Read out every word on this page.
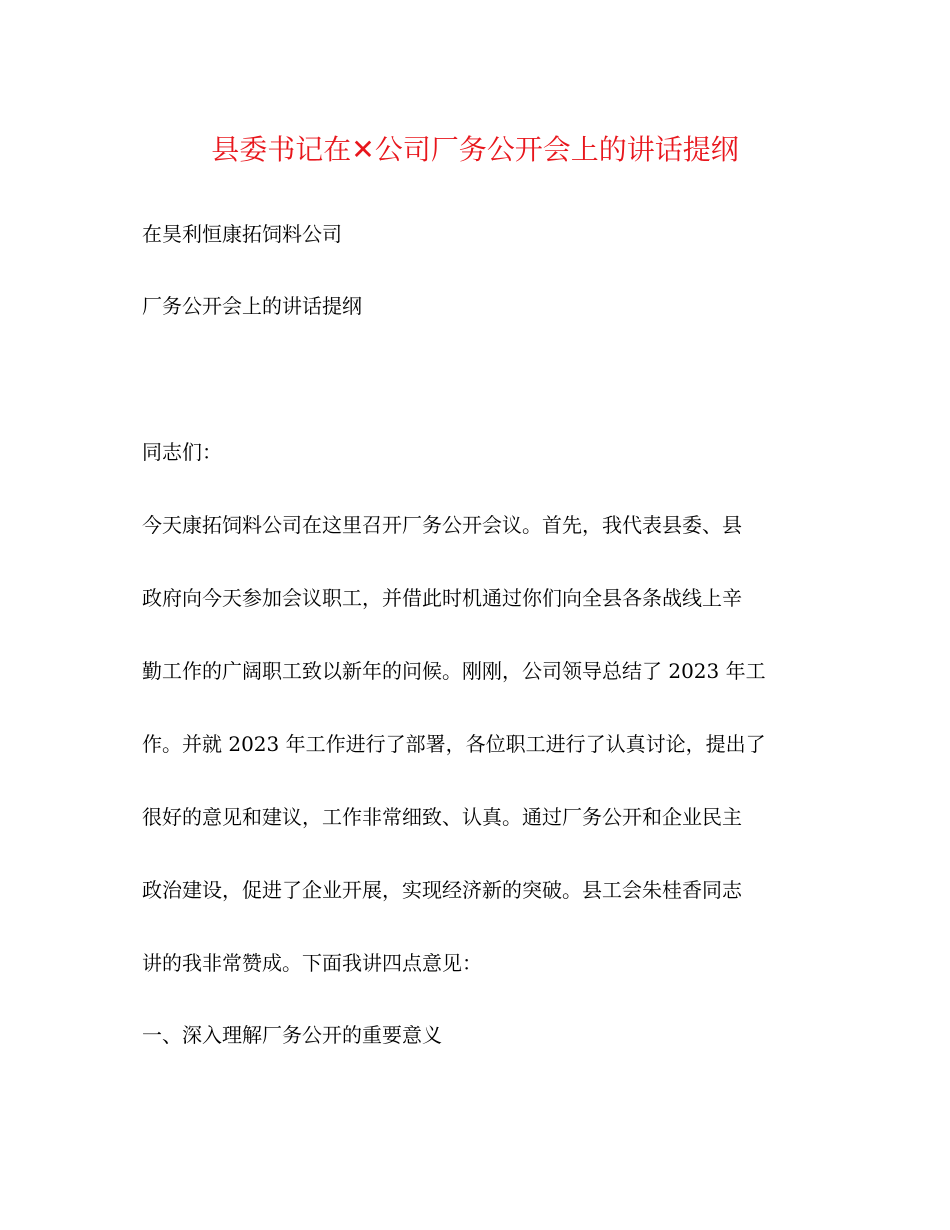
县委书记在✕公司厂务公开会上的讲话提纲
在昊利恒康拓饲料公司
厂务公开会上的讲话提纲
同志们：
今天康拓饲料公司在这里召开厂务公开会议。首先，我代表县委、县
政府向今天参加会议职工，并借此时机通过你们向全县各条战线上辛
勤工作的广阔职工致以新年的问候。刚刚，公司领导总结了 2023 年工
作。并就 2023 年工作进行了部署，各位职工进行了认真讨论，提出了
很好的意见和建议，工作非常细致、认真。通过厂务公开和企业民主
政治建设，促进了企业开展，实现经济新的突破。县工会朱桂香同志
讲的我非常赞成。下面我讲四点意见：
一、深入理解厂务公开的重要意义
